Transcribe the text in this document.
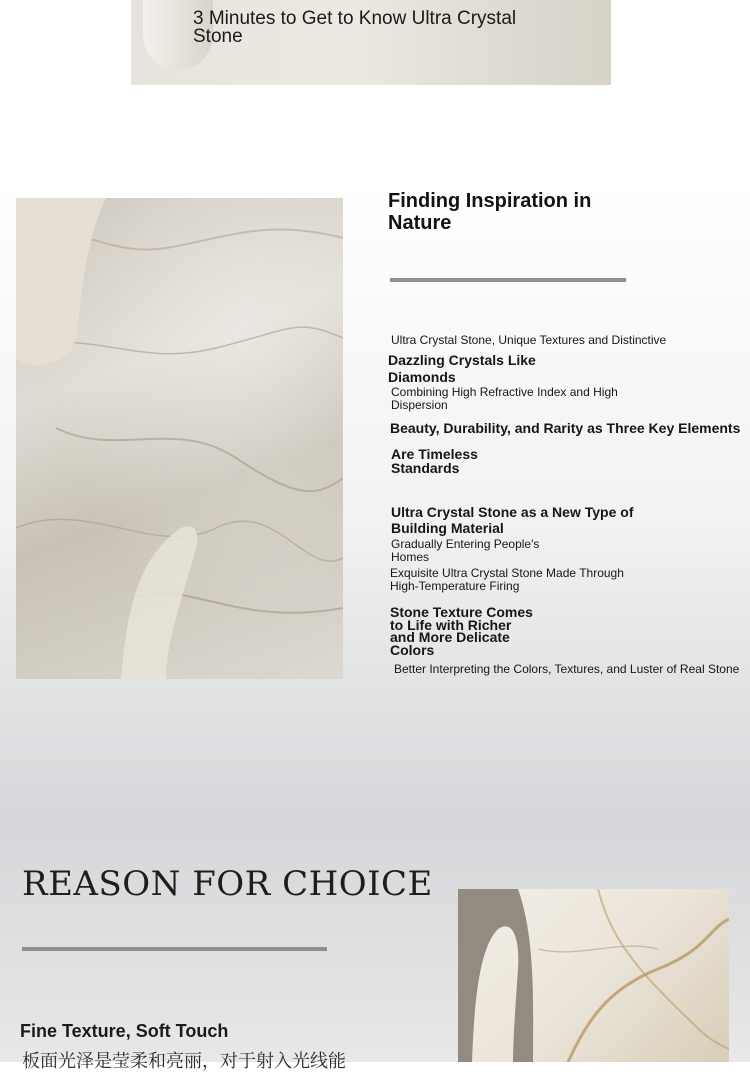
3 Minutes to Get to Know Ultra Crystal Stone
Finding Inspiration in Nature
Ultra Crystal Stone, Unique Textures and Distinctive
Dazzling Crystals Like Diamonds
Combining High Refractive Index and High Dispersion
Beauty, Durability, and Rarity as Three Key Elements
Are Timeless Standards
Ultra Crystal Stone as a New Type of Building Material
Gradually Entering People's Homes
Exquisite Ultra Crystal Stone Made Through High-Temperature Firing
Stone Texture Comes to Life with Richer and More Delicate Colors
Better Interpreting the Colors, Textures, and Luster of Real Stone
REASON FOR CHOICE
Fine Texture, Soft Touch
板面光泽是莹柔和亮丽，对于射入光线能
